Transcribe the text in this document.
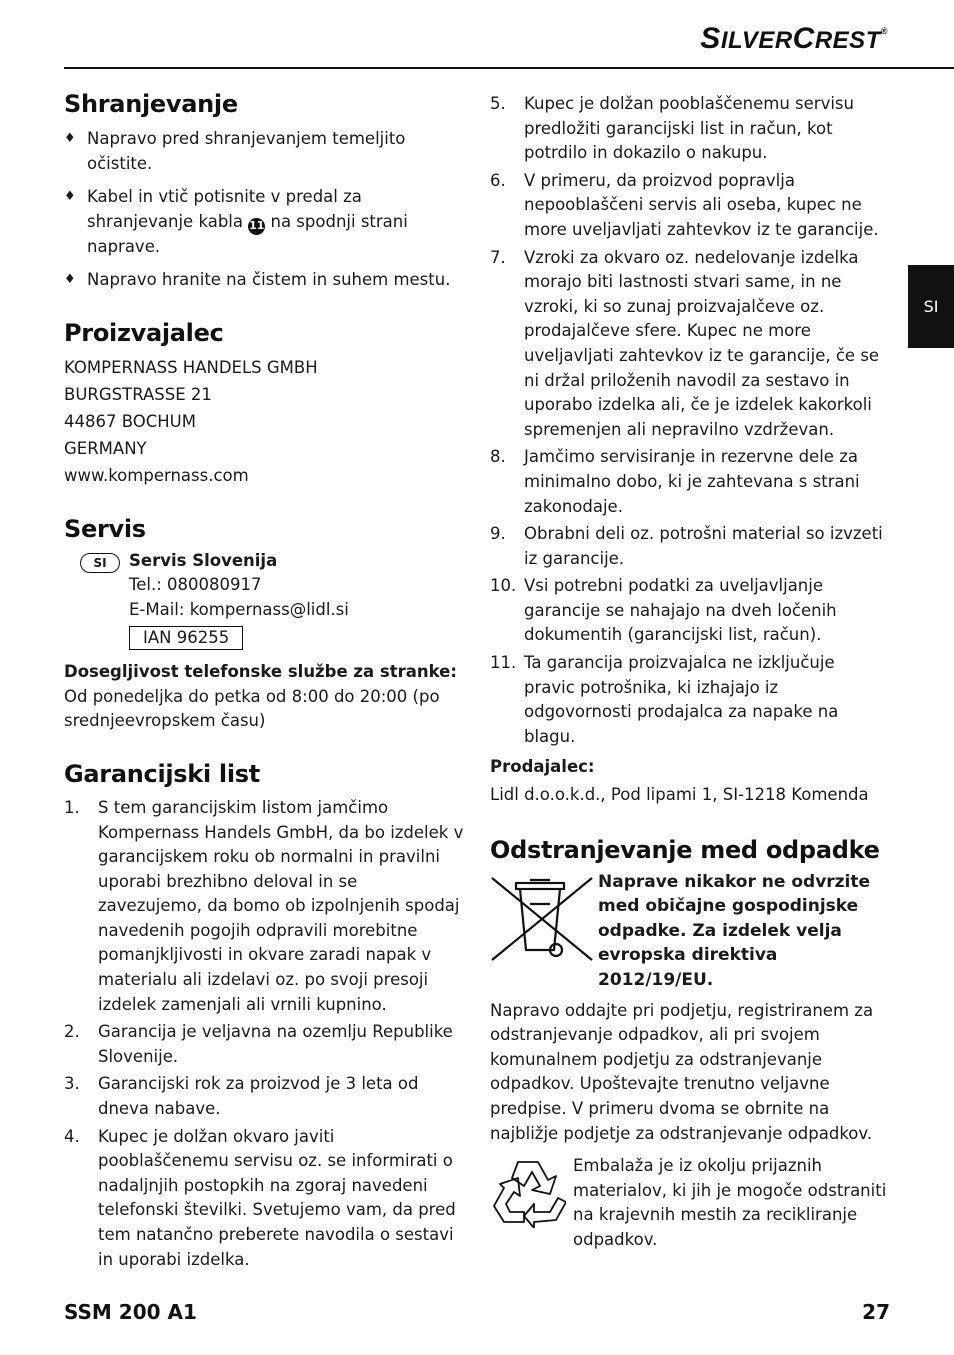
SILVERCREST®
SI
Shranjevanje
♦ Napravo pred shranjevanjem temeljito očistite.
♦ Kabel in vtič potisnite v predal za shranjevanje kabla 11 na spodnji strani naprave.
♦ Napravo hranite na čistem in suhem mestu.
Proizvajalec
KOMPERNASS HANDELS GMBH
BURGSTRASSE 21
44867 BOCHUM
GERMANY
www.kompernass.com
Servis
SI	Servis Slovenija
Tel.: 080080917
E-Mail: kompernass@lidl.si
IAN 96255
Dosegljivost telefonske službe za stranke:
Od ponedeljka do petka od 8:00 do 20:00 (po srednjeevropskem času)
Garancijski list
1.	S tem garancijskim listom jamčimo Kompernass Handels GmbH, da bo izdelek v garancijskem roku ob normalni in pravilni uporabi brezhibno deloval in se zavezujemo, da bomo ob izpolnjenih spodaj navedenih pogojih odpravili morebitne pomanjkljivosti in okvare zaradi napak v materialu ali izdelavi oz. po svoji presoji izdelek zamenjali ali vrnili kupnino.
2.	Garancija je veljavna na ozemlju Republike Slovenije.
3.	Garancijski rok za proizvod je 3 leta od dneva nabave.
4.	Kupec je dolžan okvaro javiti pooblaščenemu servisu oz. se informirati o nadaljnjih postopkih na zgoraj navedeni telefonski številki. Svetujemo vam, da pred tem natančno preberete navodila o sestavi in uporabi izdelka.
5.	Kupec je dolžan pooblaščenemu servisu predložiti garancijski list in račun, kot potrdilo in dokazilo o nakupu.
6.	V primeru, da proizvod popravlja nepooblaščeni servis ali oseba, kupec ne more uveljavljati zahtevkov iz te garancije.
7.	Vzroki za okvaro oz. nedelovanje izdelka morajo biti lastnosti stvari same, in ne vzroki, ki so zunaj proizvajalčeve oz. prodajalčeve sfere. Kupec ne more uveljavljati zahtevkov iz te garancije, če se ni držal priloženih navodil za sestavo in uporabo izdelka ali, če je izdelek kakorkoli spremenjen ali nepravilno vzdrževan.
8.	Jamčimo servisiranje in rezervne dele za minimalno dobo, ki je zahtevana s strani zakonodaje.
9.	Obrabni deli oz. potrošni material so izvzeti iz garancije.
10. Vsi potrebni podatki za uveljavljanje garancije se nahajajo na dveh ločenih dokumentih (garancijski list, račun).
11. Ta garancija proizvajalca ne izključuje pravic potrošnika, ki izhajajo iz odgovornosti prodajalca za napake na blagu.
Prodajalec:
Lidl d.o.o.k.d., Pod lipami 1, SI-1218 Komenda
Odstranjevanje med odpadke
Naprave nikakor ne odvrzite med običajne gospodinjske odpadke. Za izdelek velja evropska direktiva 2012/19/EU.
Napravo oddajte pri podjetju, registriranem za odstranjevanje odpadkov, ali pri svojem komunalnem podjetju za odstranjevanje odpadkov. Upoštevajte trenutno veljavne predpise. V primeru dvoma se obrnite na najbližje podjetje za odstranjevanje odpadkov.
Embalaža je iz okolju prijaznih materialov, ki jih je mogoče odstraniti na krajevnih mestih za recikliranje odpadkov.
SSM 200 A1	27
